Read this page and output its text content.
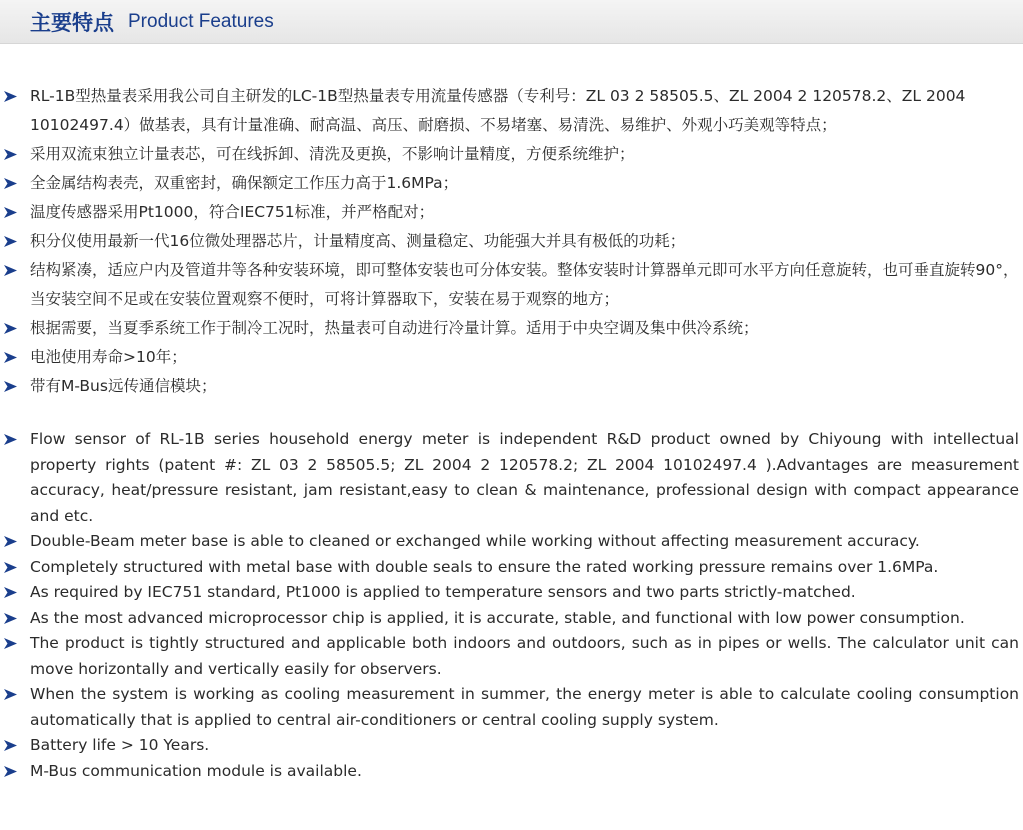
主要特点 Product Features
RL-1B型热量表采用我公司自主研发的LC-1B型热量表专用流量传感器（专利号：ZL 03 2 58505.5、ZL 2004 2 120578.2、ZL 2004 10102497.4）做基表，具有计量准确、耐高温、高压、耐磨损、不易堵塞、易清洗、易维护、外观小巧美观等特点；
采用双流束独立计量表芯，可在线拆卸、清洗及更换，不影响计量精度，方便系统维护；
全金属结构表壳，双重密封，确保额定工作压力高于1.6MPa；
温度传感器采用Pt1000，符合IEC751标准，并严格配对；
积分仪使用最新一代16位微处理器芯片，计量精度高、测量稳定、功能强大并具有极低的功耗；
结构紧凑，适应户内及管道井等各种安装环境，即可整体安装也可分体安装。整体安装时计算器单元即可水平方向任意旋转，也可垂直旋转90°，当安装空间不足或在安装位置观察不便时，可将计算器取下，安装在易于观察的地方；
根据需要，当夏季系统工作于制冷工况时，热量表可自动进行冷量计算。适用于中央空调及集中供冷系统；
电池使用寿命>10年；
带有M-Bus远传通信模块；
Flow sensor of RL-1B series household energy meter is independent R&D product owned by Chiyoung with intellectual property rights (patent #: ZL 03 2 58505.5; ZL 2004 2 120578.2; ZL 2004 10102497.4 ).Advantages are measurement accuracy, heat/pressure resistant, jam resistant,easy to clean & maintenance, professional design with compact appearance and etc.
Double-Beam meter base is able to cleaned or exchanged while working without affecting measurement accuracy.
Completely structured with metal base with double seals to ensure the rated working pressure remains over 1.6MPa.
As required by IEC751 standard, Pt1000 is applied to temperature sensors and two parts strictly-matched.
As the most advanced microprocessor chip is applied, it is accurate, stable, and functional with low power consumption.
The product is tightly structured and applicable both indoors and outdoors, such as in pipes or wells. The calculator unit can move horizontally and vertically easily for observers.
When the system is working as cooling measurement in summer, the energy meter is able to calculate cooling consumption automatically that is applied to central air-conditioners or central cooling supply system.
Battery life > 10 Years.
M-Bus communication module is available.
